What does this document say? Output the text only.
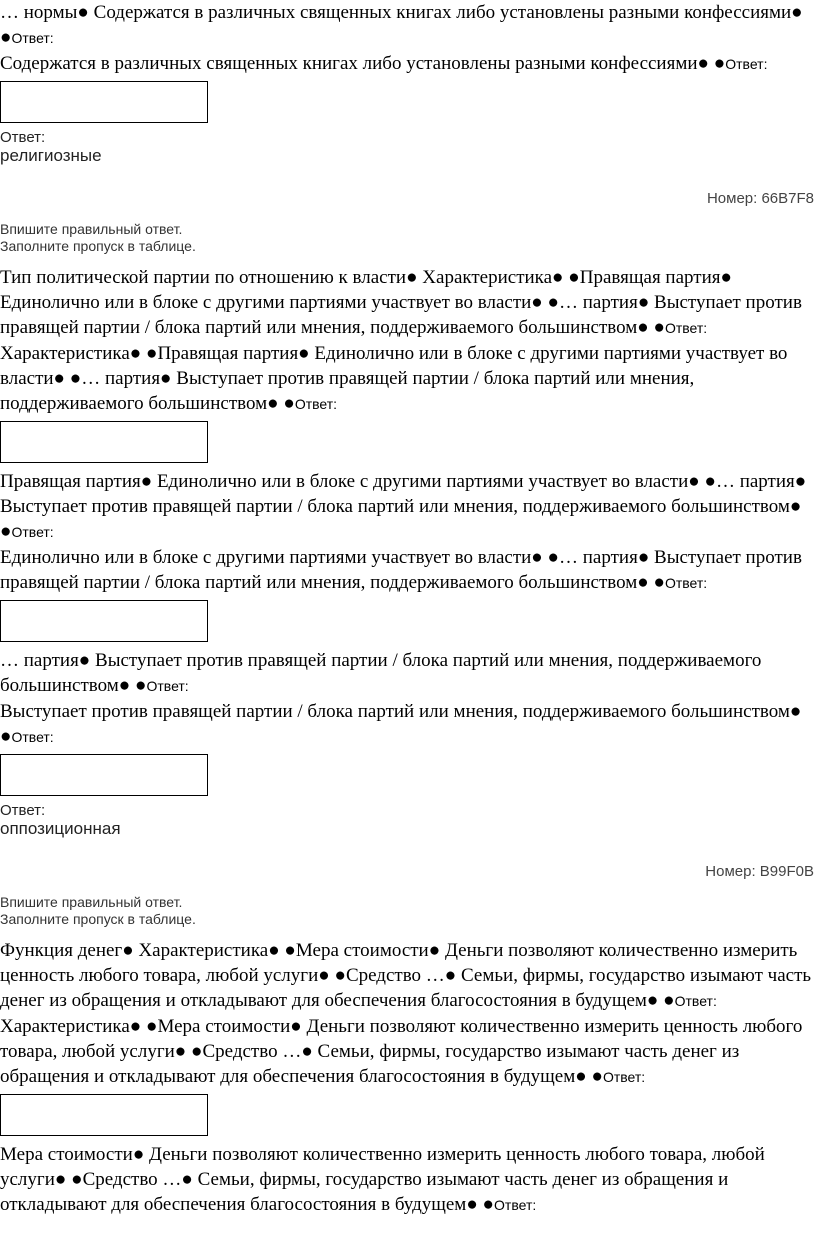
… нормы● Содержатся в различных священных книгах либо установлены разными конфессиями● ●Ответ:

Содержатся в различных священных книгах либо установлены разными конфессиями● ●Ответ:

Ответ:
религиозные
Номер: 66B7F8
Впишите правильный ответ.
Заполните пропуск в таблице.

Тип политической партии по отношению к власти● Характеристика● ●Правящая партия● Единолично или в блоке с другими партиями участвует во власти● ●… партия● Выступает против правящей партии / блока партий или мнения, поддерживаемого большинством● ●Ответ:

Характеристика● ●Правящая партия● Единолично или в блоке с другими партиями участвует во власти● ●… партия● Выступает против правящей партии / блока партий или мнения, поддерживаемого большинством● ●Ответ:

Правящая партия● Единолично или в блоке с другими партиями участвует во власти● ●… партия● Выступает против правящей партии / блока партий или мнения, поддерживаемого большинством● ●Ответ:

Единолично или в блоке с другими партиями участвует во власти● ●… партия● Выступает против правящей партии / блока партий или мнения, поддерживаемого большинством● ●Ответ:

… партия● Выступает против правящей партии / блока партий или мнения, поддерживаемого большинством● ●Ответ:

Выступает против правящей партии / блока партий или мнения, поддерживаемого большинством● ●Ответ:

Ответ:
оппозиционная
Номер: B99F0B
Впишите правильный ответ.
Заполните пропуск в таблице.

Функция денег● Характеристика● ●Мера стоимости● Деньги позволяют количественно измерить ценность любого товара, любой услуги● ●Средство …● Семьи, фирмы, государство изымают часть денег из обращения и откладывают для обеспечения благосостояния в будущем● ●Ответ:

Характеристика● ●Мера стоимости● Деньги позволяют количественно измерить ценность любого товара, любой услуги● ●Средство …● Семьи, фирмы, государство изымают часть денег из обращения и откладывают для обеспечения благосостояния в будущем● ●Ответ:

Мера стоимости● Деньги позволяют количественно измерить ценность любого товара, любой услуги● ●Средство …● Семьи, фирмы, государство изымают часть денег из обращения и откладывают для обеспечения благосостояния в будущем● ●Ответ:
